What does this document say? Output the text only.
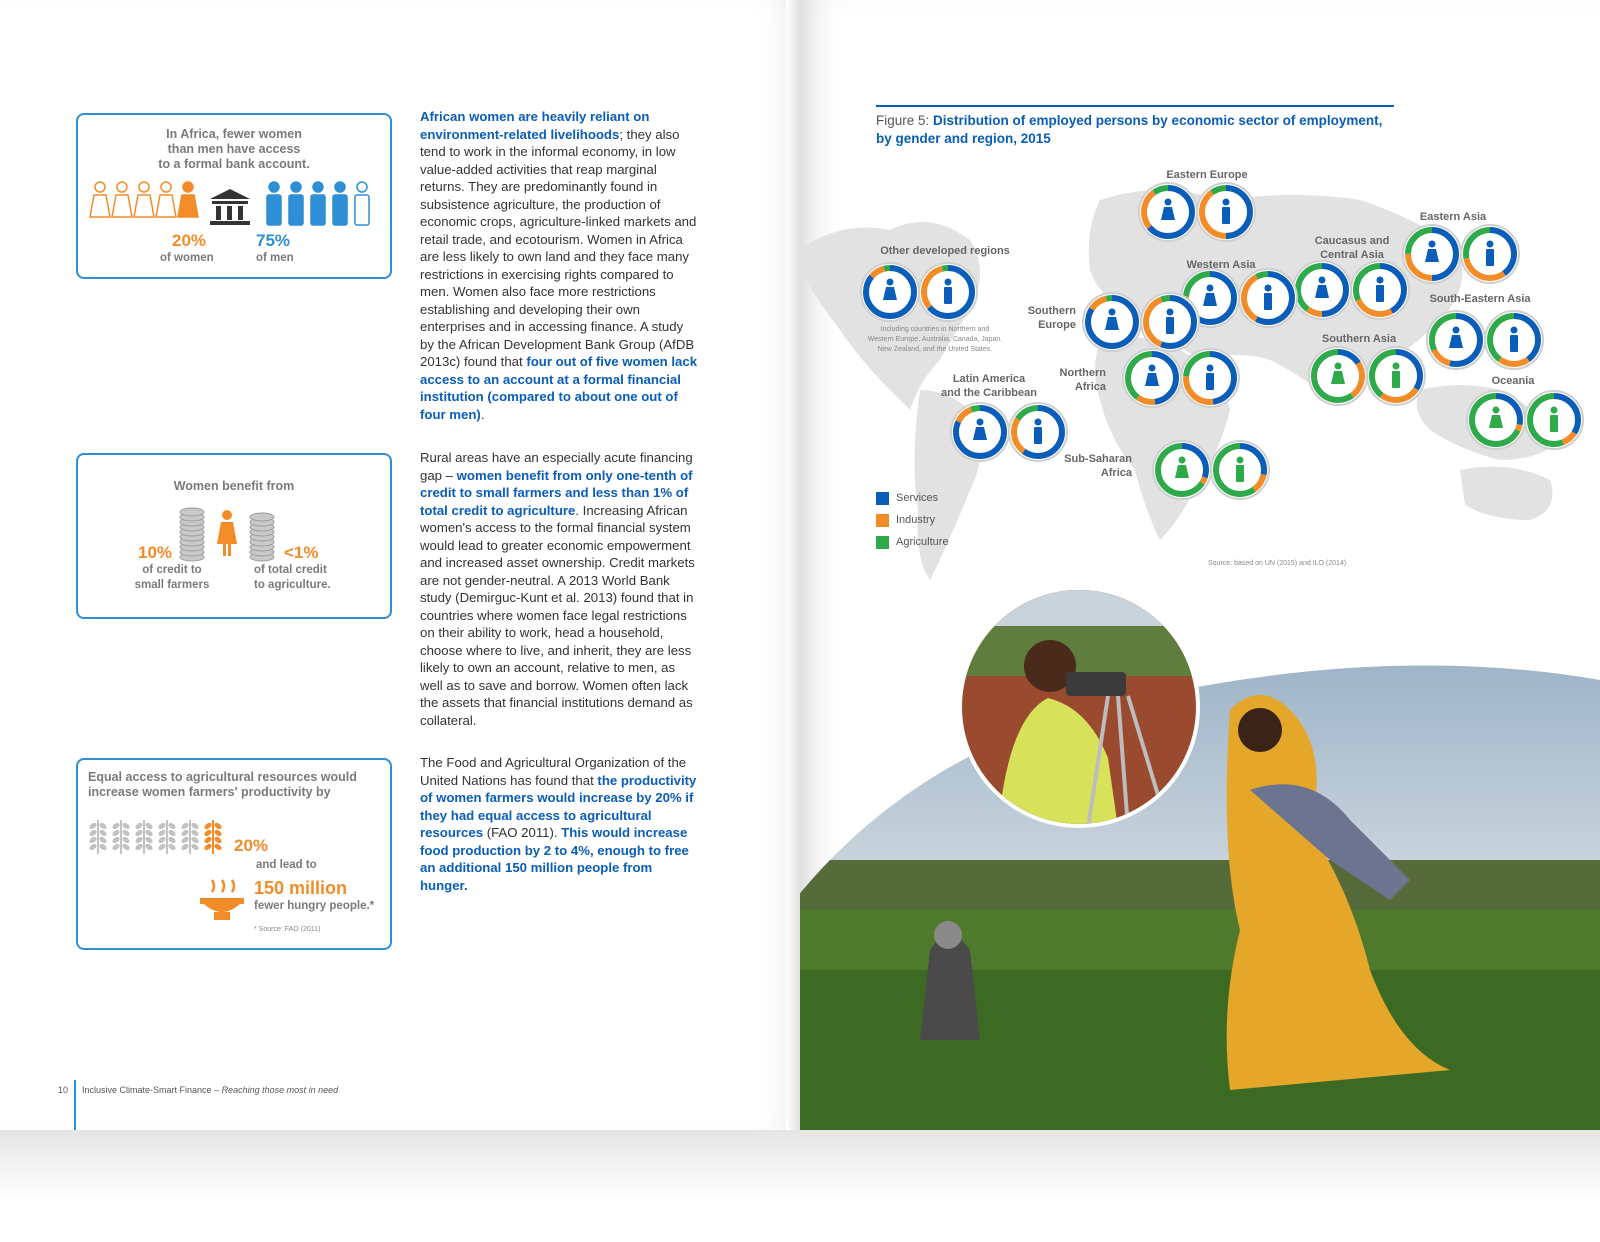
In Africa, fewer women
than men have access
to a formal bank account.
20%
of women
75%
of men
Women benefit from
10%
of credit to
small farmers
<1%
of total credit
to agriculture.
Equal access to agricultural resources would
increase women farmers' productivity by
20%
and lead to
150 million
fewer hungry people.*
* Source: FAO (2011)
African women are heavily reliant on environment-related livelihoods; they also tend to work in the informal economy, in low value-added activities that reap marginal returns. They are predominantly found in subsistence agriculture, the production of economic crops, agriculture-linked markets and retail trade, and ecotourism. Women in Africa are less likely to own land and they face many restrictions in exercising rights compared to men. Women also face more restrictions establishing and developing their own enterprises and in accessing finance. A study by the African Development Bank Group (AfDB 2013c) found that four out of five women lack access to an account at a formal financial institution (compared to about one out of four men).
Rural areas have an especially acute financing gap – women benefit from only one-tenth of credit to small farmers and less than 1% of total credit to agriculture. Increasing African women's access to the formal financial system would lead to greater economic empowerment and increased asset ownership. Credit markets are not gender-neutral. A 2013 World Bank study (Demirguc-Kunt et al. 2013) found that in countries where women face legal restrictions on their ability to work, head a household, choose where to live, and inherit, they are less likely to own an account, relative to men, as well as to save and borrow. Women often lack the assets that financial institutions demand as collateral.
The Food and Agricultural Organization of the United Nations has found that the productivity of women farmers would increase by 20% if they had equal access to agricultural resources (FAO 2011). This would increase food production by 2 to 4%, enough to free an additional 150 million people from hunger.
10 Inclusive Climate-Smart Finance – Reaching those most in need
Figure 5: Distribution of employed persons by economic sector of employment, by gender and region, 2015
Including countries in Northern and
Western Europe, Australia, Canada, Japan,
New Zealand, and the United States.
Services
Industry
Agriculture
Source: based on UN (2015) and ILO (2014)
Eastern Europe
Eastern Asia
Other developed regions
Caucasus and
Central Asia
Western Asia
South-Eastern Asia
Southern
Europe
Southern Asia
Northern
Africa	Oceania
Latin America
and the Caribbean
Sub-Saharan
Africa
